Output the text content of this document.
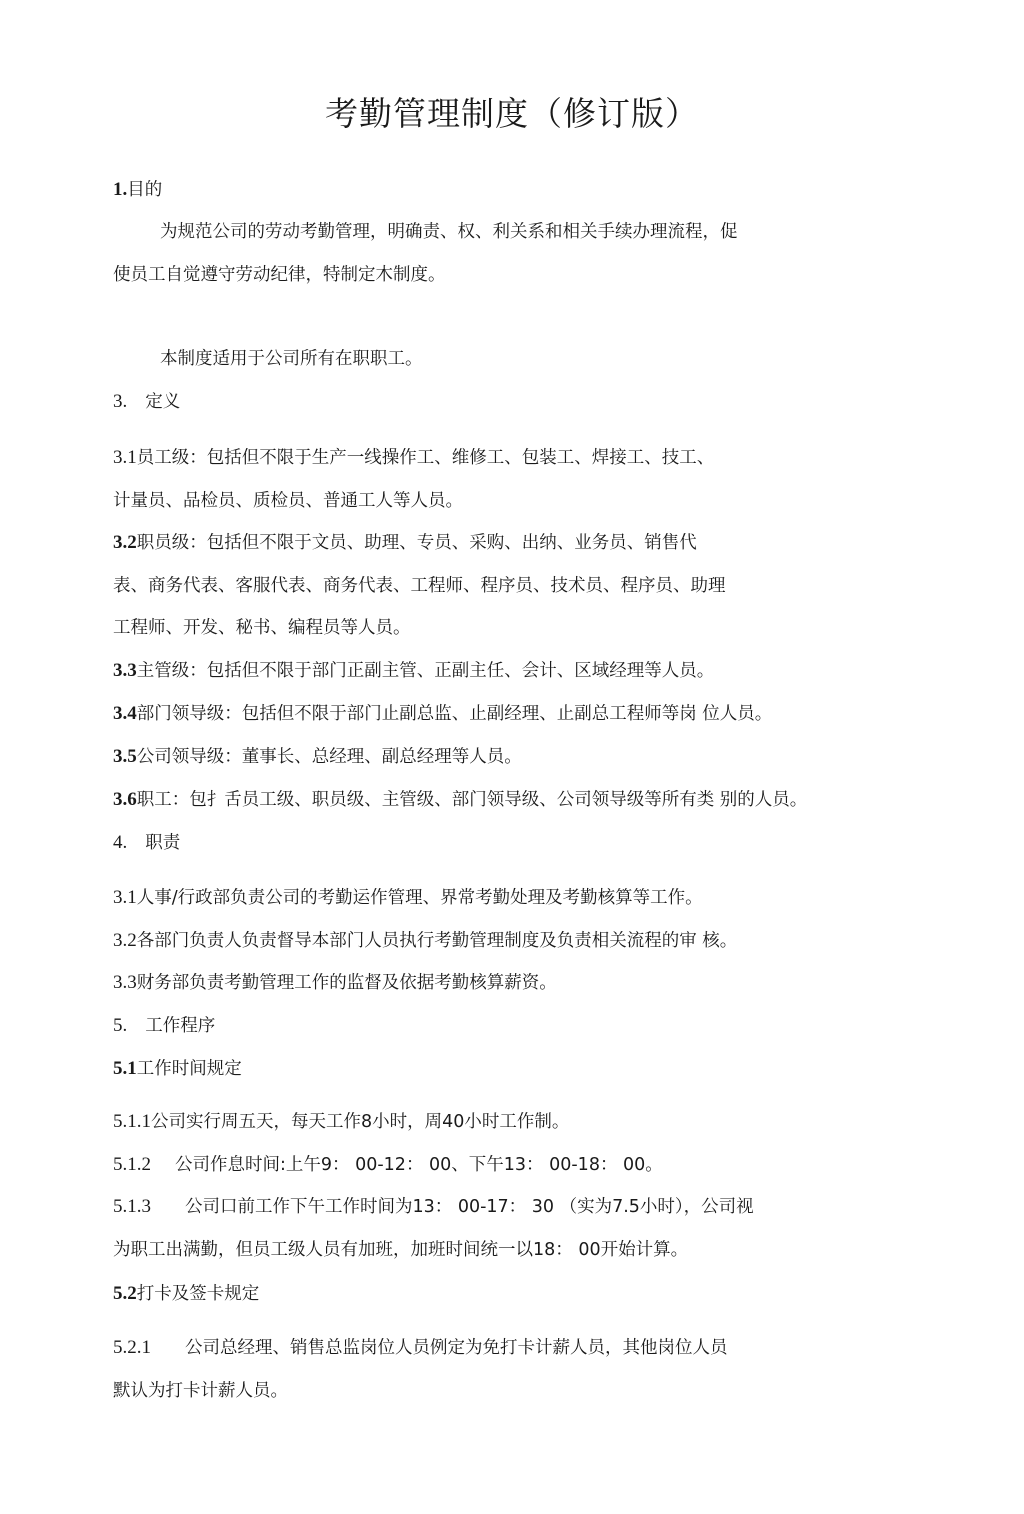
考勤管理制度（修订版）
1.目的
为规范公司的劳动考勤管理，明确责、权、利关系和相关手续办理流程，促
使员工自觉遵守劳动纪律，特制定木制度。
本制度适用于公司所有在职职工。
3. 定义
3.1员工级：包括但不限于生产一线操作工、维修工、包装工、焊接工、技工、
计量员、品检员、质检员、普通工人等人员。
3.2职员级：包括但不限于文员、助理、专员、采购、出纳、业务员、销售代
表、商务代表、客服代表、商务代表、工程师、程序员、技术员、程序员、助理
工程师、开发、秘书、编程员等人员。
3.3主管级：包括但不限于部门正副主管、正副主任、会计、区域经理等人员。
3.4部门领导级：包括但不限于部门止副总监、止副经理、止副总工程师等岗 位人员。
3.5公司领导级：董事长、总经理、副总经理等人员。
3.6职工：包扌舌员工级、职员级、主管级、部门领导级、公司领导级等所有类 别的人员。
4. 职责
3.1人事/行政部负责公司的考勤运作管理、界常考勤处理及考勤核算等工作。
3.2各部门负责人负责督导本部门人员执行考勤管理制度及负责相关流程的审 核。
3.3财务部负责考勤管理工作的监督及依据考勤核算薪资。
5. 工作程序
5.1工作时间规定
5.1.1公司实行周五天，每天工作8小时，周40小时工作制。
5.1.2 公司作息时间:上午9： 00-12： 00、下午13： 00-18： 00。
5.1.3 公司口前工作下午工作时间为13： 00-17： 30 （实为7.5小时），公司视
为职工出满勤，但员工级人员有加班，加班时间统一以18： 00开始计算。
5.2打卡及签卡规定
5.2.1 公司总经理、销售总监岗位人员例定为免打卡计薪人员，其他岗位人员
默认为打卡计薪人员。
